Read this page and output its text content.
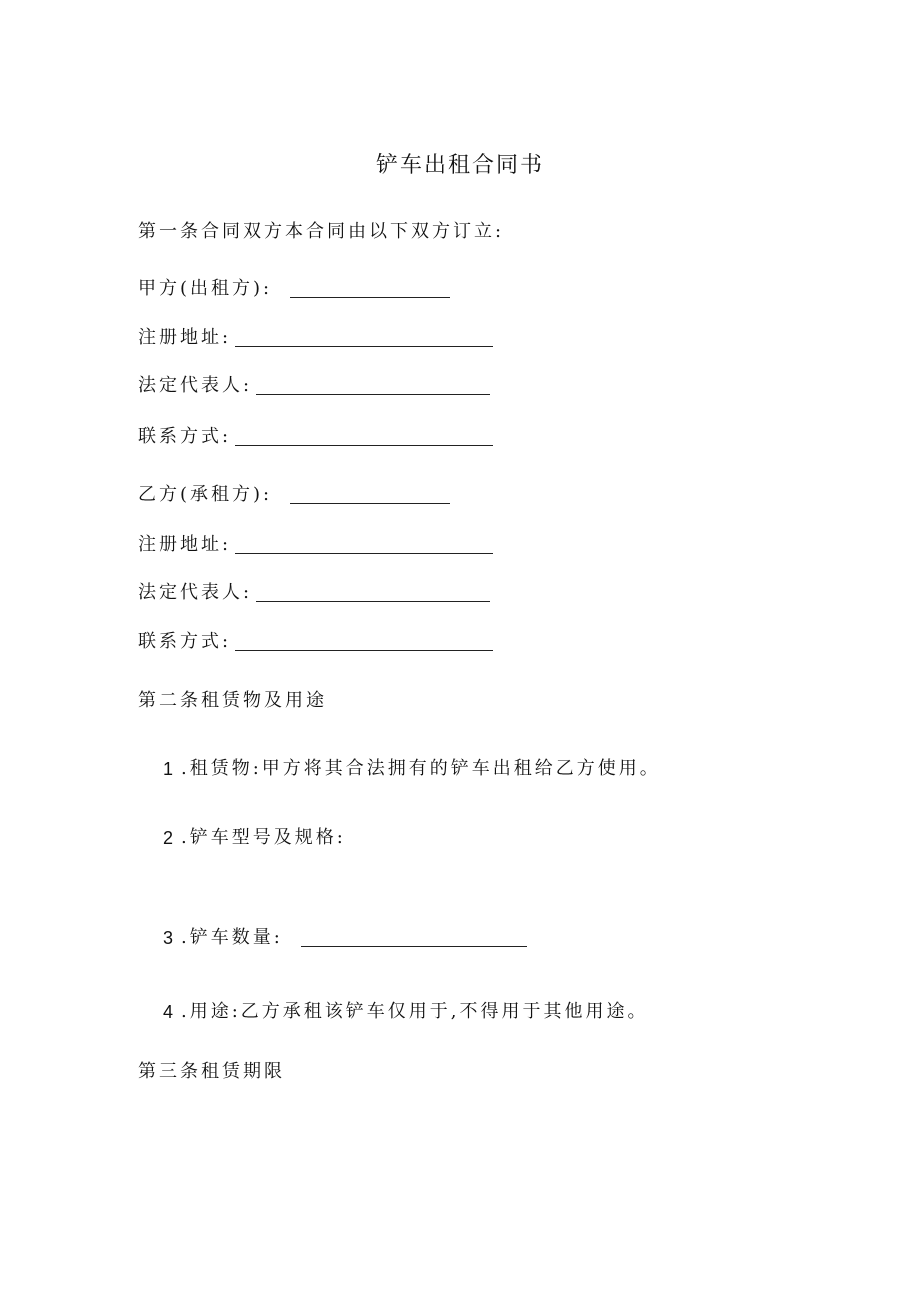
铲车出租合同书
第一条合同双方本合同由以下双方订立:
甲方(出租方):
注册地址:
法定代表人:
联系方式:
乙方(承租方):
注册地址:
法定代表人:
联系方式:
第二条租赁物及用途
1 .租赁物:甲方将其合法拥有的铲车出租给乙方使用。
2 .铲车型号及规格:
3 .铲车数量:
4 .用途:乙方承租该铲车仅用于,不得用于其他用途。
第三条租赁期限
